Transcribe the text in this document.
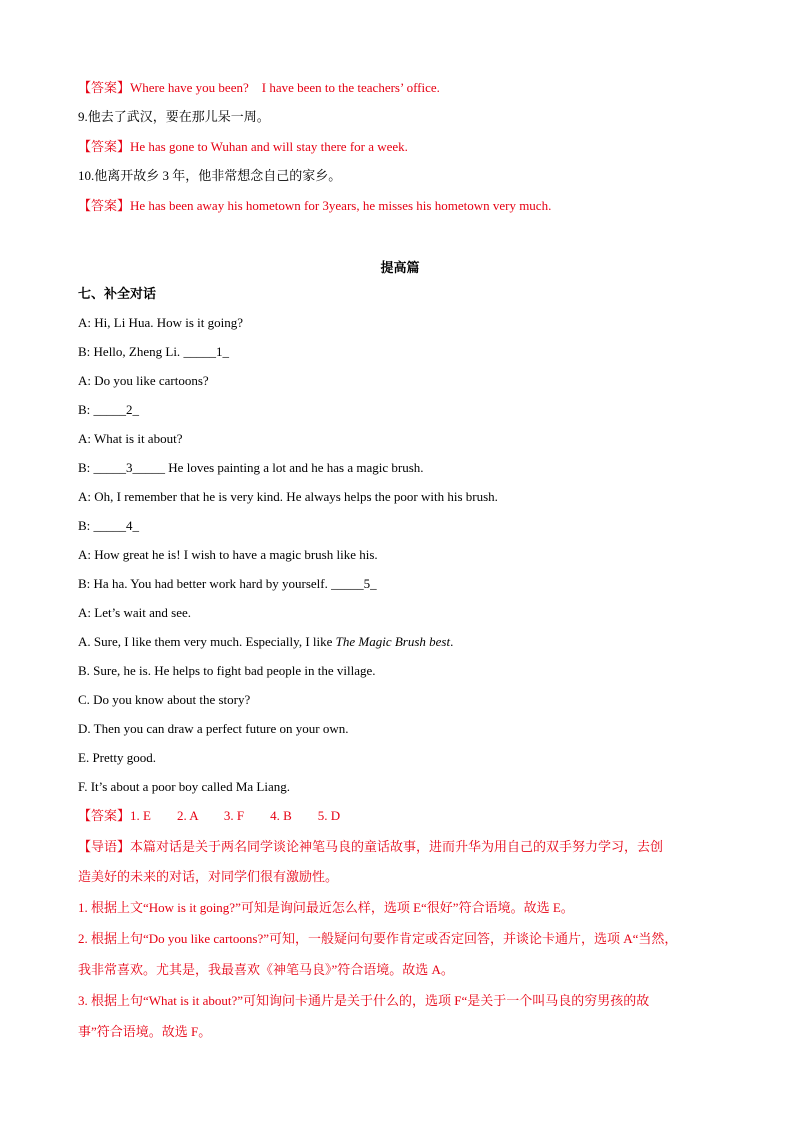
【答案】Where have you been?　I have been to the teachers’ office.
9.他去了武汉，要在那儿呆一周。
【答案】He has gone to Wuhan and will stay there for a week.
10.他离开故乡 3 年，他非常想念自己的家乡。
【答案】He has been away his hometown for 3years, he misses his hometown very much.
提高篇
七、补全对话
A: Hi, Li Hua. How is it going?
B: Hello, Zheng Li. _____1_
A: Do you like cartoons?
B: _____2_
A: What is it about?
B: _____3_____ He loves painting a lot and he has a magic brush.
A: Oh, I remember that he is very kind. He always helps the poor with his brush.
B: _____4_
A: How great he is! I wish to have a magic brush like his.
B: Ha ha. You had better work hard by yourself. _____5_
A: Let’s wait and see.
A. Sure, I like them very much. Especially, I like The Magic Brush best.
B. Sure, he is. He helps to fight bad people in the village.
C. Do you know about the story?
D. Then you can draw a perfect future on your own.
E. Pretty good.
F. It’s about a poor boy called Ma Liang.
【答案】1. E　　2. A　　3. F　　4. B　　5. D
【导语】本篇对话是关于两名同学谈论神笔马良的童话故事，进而升华为用自己的双手努力学习，去创
造美好的未来的对话，对同学们很有激励性。
1. 根据上文“How is it going?”可知是询问最近怎么样，选项 E“很好”符合语境。故选 E。
2. 根据上句“Do you like cartoons?”可知，一般疑问句要作肯定或否定回答，并谈论卡通片，选项 A“当然，
我非常喜欢。尤其是，我最喜欢《神笔马良》”符合语境。故选 A。
3. 根据上句“What is it about?”可知询问卡通片是关于什么的，选项 F“是关于一个叫马良的穷男孩的故
事”符合语境。故选 F。
